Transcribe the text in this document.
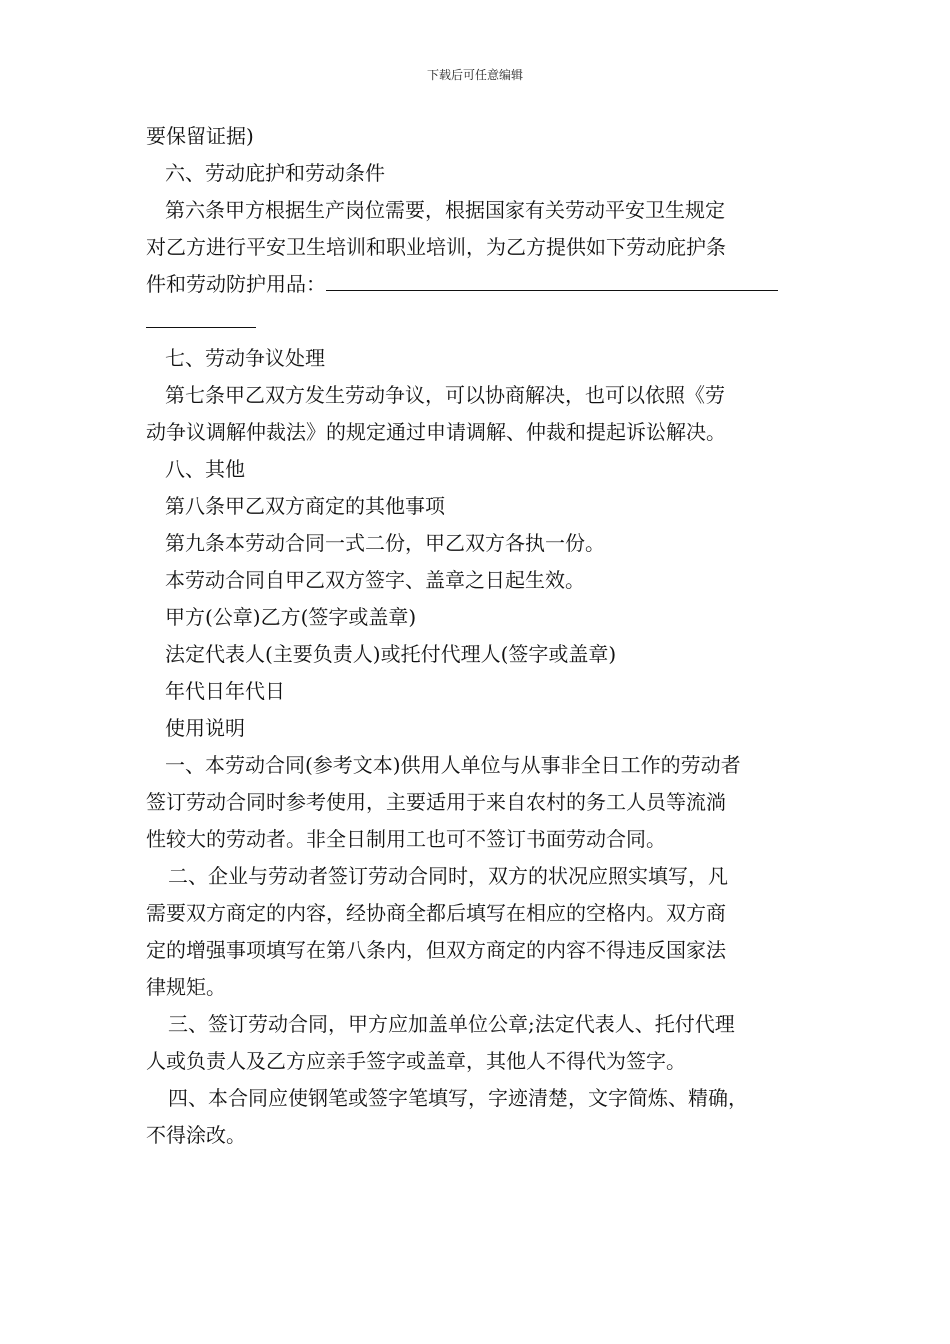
下载后可任意编辑

要保留证据)

六、劳动庇护和劳动条件

第六条甲方根据生产岗位需要，根据国家有关劳动平安卫生规定

对乙方进行平安卫生培训和职业培训，为乙方提供如下劳动庇护条

件和劳动防护用品：

七、劳动争议处理

第七条甲乙双方发生劳动争议，可以协商解决，也可以依照《劳

动争议调解仲裁法》的规定通过申请调解、仲裁和提起诉讼解决。

八、其他

第八条甲乙双方商定的其他事项

第九条本劳动合同一式二份，甲乙双方各执一份。

本劳动合同自甲乙双方签字、盖章之日起生效。

甲方(公章)乙方(签字或盖章)

法定代表人(主要负责人)或托付代理人(签字或盖章)

年代日年代日

使用说明

一、本劳动合同(参考文本)供用人单位与从事非全日工作的劳动者

签订劳动合同时参考使用，主要适用于来自农村的务工人员等流淌

性较大的劳动者。非全日制用工也可不签订书面劳动合同。

二、企业与劳动者签订劳动合同时，双方的状况应照实填写，凡

需要双方商定的内容，经协商全都后填写在相应的空格内。双方商

定的增强事项填写在第八条内，但双方商定的内容不得违反国家法

律规矩。

三、签订劳动合同，甲方应加盖单位公章;法定代表人、托付代理

人或负责人及乙方应亲手签字或盖章，其他人不得代为签字。

四、本合同应使钢笔或签字笔填写，字迹清楚，文字简炼、精确，

不得涂改。
